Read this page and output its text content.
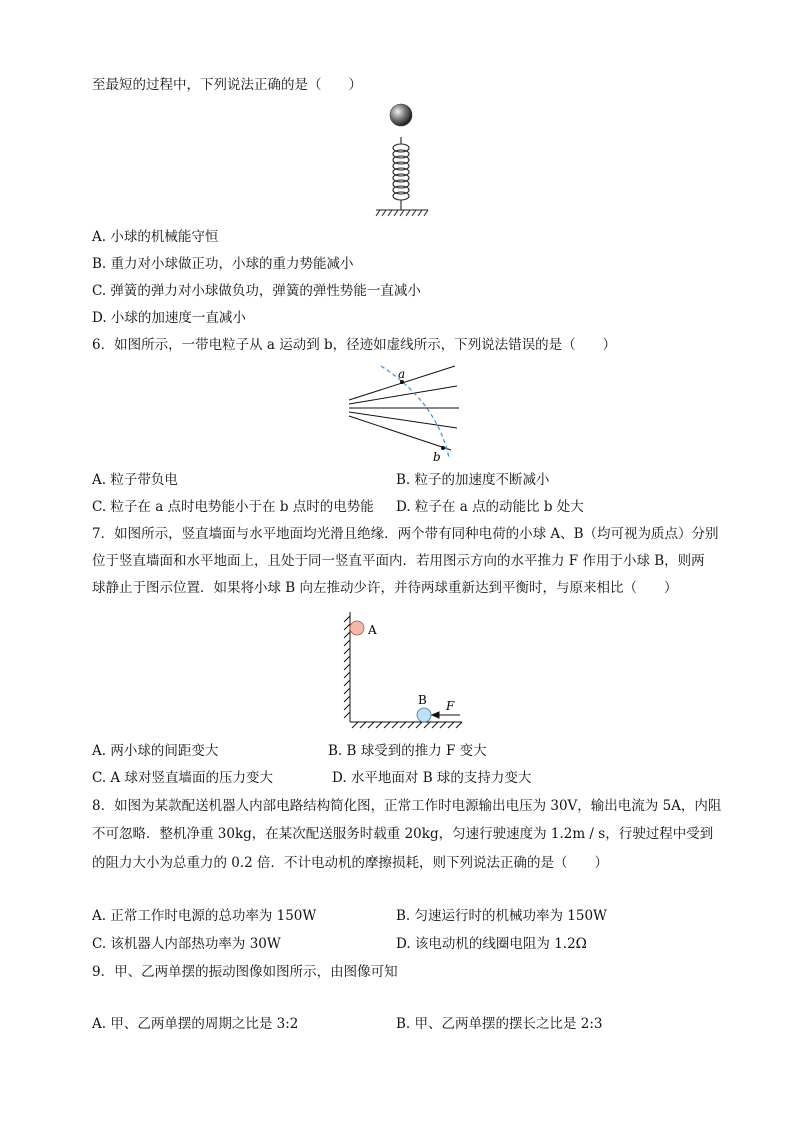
至最短的过程中，下列说法正确的是（　　）
A. 小球的机械能守恒
B. 重力对小球做正功，小球的重力势能减小
C. 弹簧的弹力对小球做负功，弹簧的弹性势能一直减小
D. 小球的加速度一直减小
6．如图所示，一带电粒子从 a 运动到 b，径迹如虚线所示，下列说法错误的是（　　）
a
b
A. 粒子带负电	B. 粒子的加速度不断减小
C. 粒子在 a 点时电势能小于在 b 点时的电势能 D. 粒子在 a 点的动能比 b 处大
7．如图所示，竖直墙面与水平地面均光滑且绝缘．两个带有同种电荷的小球 A、B（均可视为质点）分别
位于竖直墙面和水平地面上，且处于同一竖直平面内．若用图示方向的水平推力 F 作用于小球 B，则两
球静止于图示位置．如果将小球 B 向左推动少许，并待两球重新达到平衡时，与原来相比（　　）
A
B F
A. 两小球的间距变大	B. B 球受到的推力 F 变大
C. A 球对竖直墙面的压力变大	D. 水平地面对 B 球的支持力变大
8．如图为某款配送机器人内部电路结构简化图，正常工作时电源输出电压为 30V，输出电流为 5A，内阻
不可忽略．整机净重 30kg，在某次配送服务时载重 20kg，匀速行驶速度为 1.2m / s，行驶过程中受到
的阻力大小为总重力的 0.2 倍．不计电动机的摩擦损耗，则下列说法正确的是（　　）
A. 正常工作时电源的总功率为 150W	B. 匀速运行时的机械功率为 150W
C. 该机器人内部热功率为 30W	D. 该电动机的线圈电阻为 1.2Ω
9．甲、乙两单摆的振动图像如图所示，由图像可知
A. 甲、乙两单摆的周期之比是 3:2	B. 甲、乙两单摆的摆长之比是 2:3
